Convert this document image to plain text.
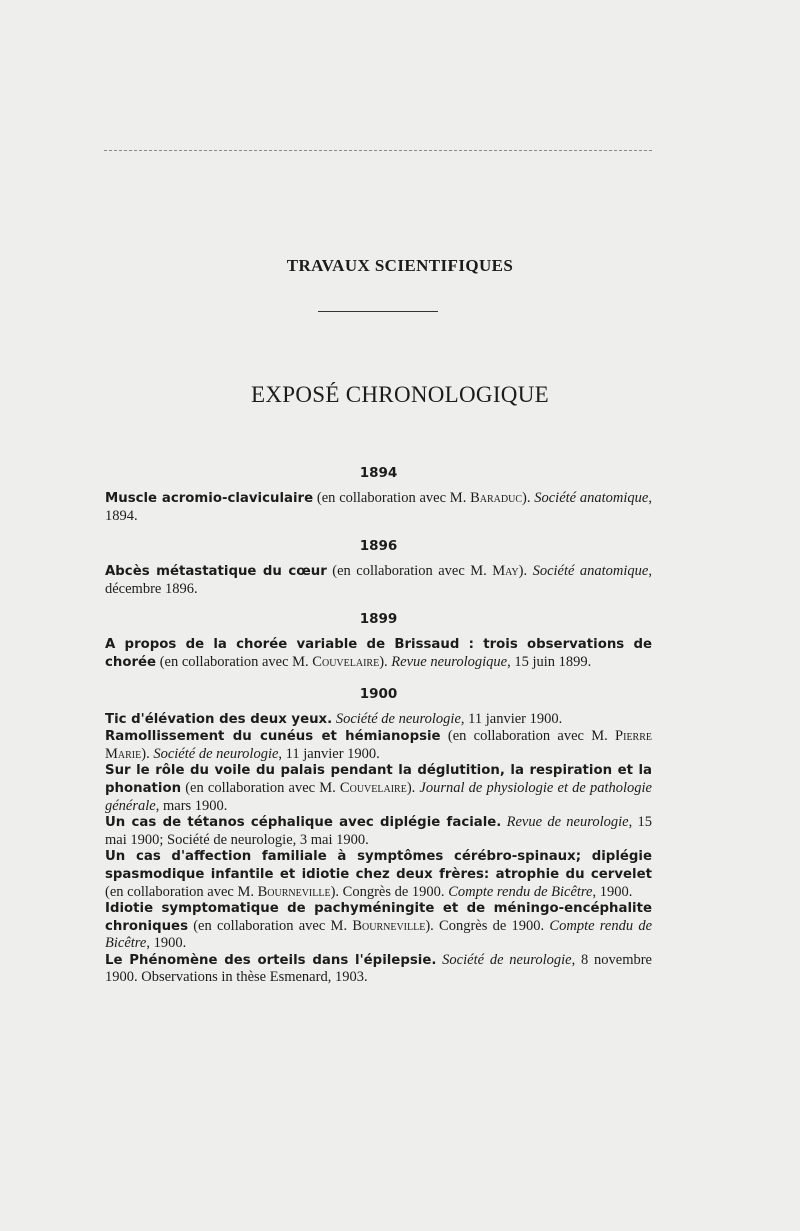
TRAVAUX SCIENTIFIQUES
EXPOSÉ CHRONOLOGIQUE
1894
Muscle acromio-claviculaire (en collaboration avec M. Baraduc). Société anatomique, 1894.
1896
Abcès métastatique du cœur (en collaboration avec M. May). Société anatomique, décembre 1896.
1899
A propos de la chorée variable de Brissaud : trois observations de chorée (en collaboration avec M. Couvelaire). Revue neurologique, 15 juin 1899.
1900
Tic d'élévation des deux yeux. Société de neurologie, 11 janvier 1900.
Ramollissement du cunéus et hémianopsie (en collaboration avec M. Pierre Marie). Société de neurologie, 11 janvier 1900.
Sur le rôle du voile du palais pendant la déglutition, la respiration et la phonation (en collaboration avec M. Couvelaire). Journal de physiologie et de pathologie générale, mars 1900.
Un cas de tétanos céphalique avec diplégie faciale. Revue de neurologie, 15 mai 1900; Société de neurologie, 3 mai 1900.
Un cas d'affection familiale à symptômes cérébro-spinaux; diplégie spasmodique infantile et idiotie chez deux frères: atrophie du cervelet (en collaboration avec M. Bourneville). Congrès de 1900. Compte rendu de Bicêtre, 1900.
Idiotie symptomatique de pachyméningite et de méningo-encéphalite chroniques (en collaboration avec M. Bourneville). Congrès de 1900. Compte rendu de Bicêtre, 1900.
Le Phénomène des orteils dans l'épilepsie. Société de neurologie, 8 novembre 1900. Observations in thèse Esmenard, 1903.
